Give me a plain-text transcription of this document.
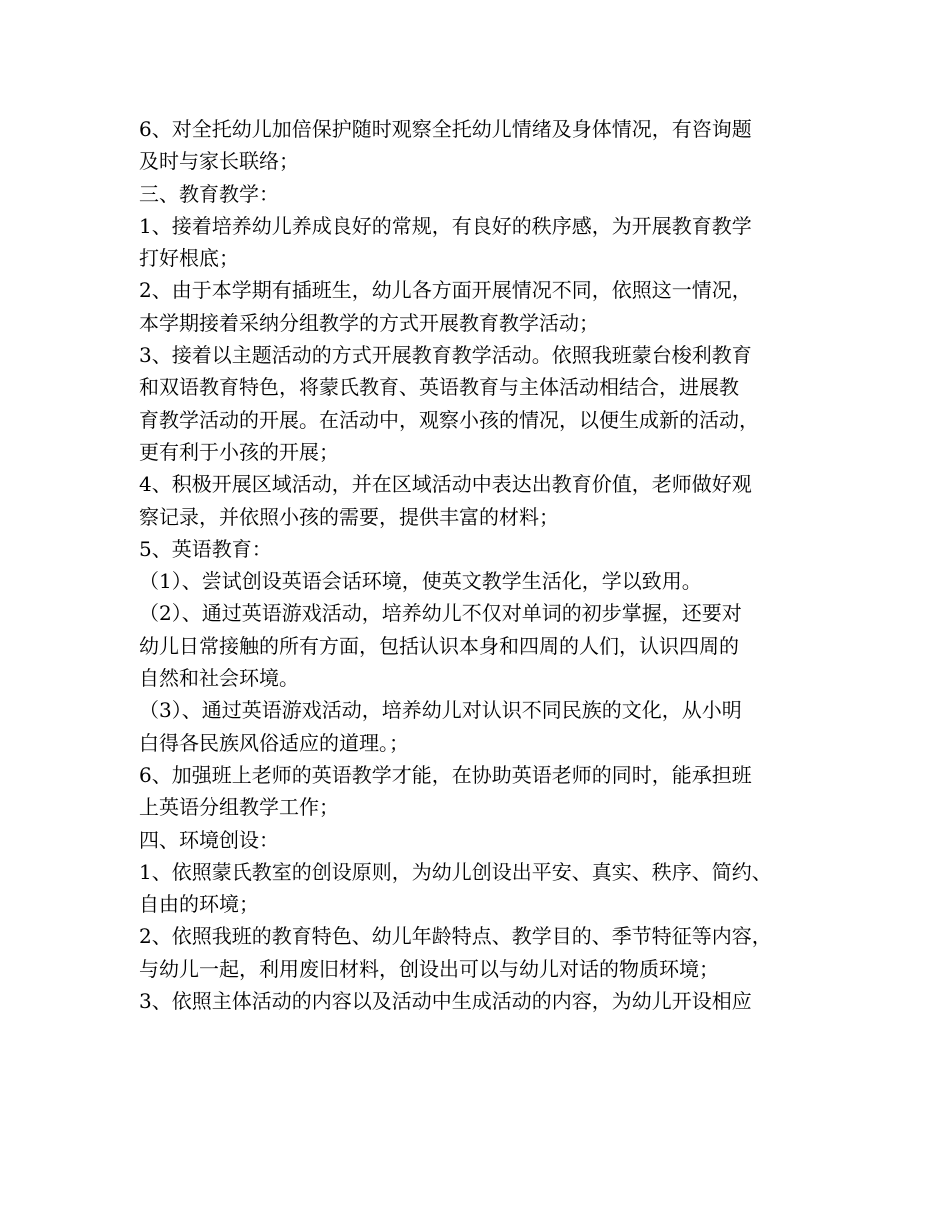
6、对全托幼儿加倍保护随时观察全托幼儿情绪及身体情况，有咨询题
及时与家长联络；
三、教育教学：
1、接着培养幼儿养成良好的常规，有良好的秩序感，为开展教育教学
打好根底；
2、由于本学期有插班生，幼儿各方面开展情况不同，依照这一情况，
本学期接着采纳分组教学的方式开展教育教学活动；
3、接着以主题活动的方式开展教育教学活动。依照我班蒙台梭利教育
和双语教育特色，将蒙氏教育、英语教育与主体活动相结合，进展教
育教学活动的开展。在活动中，观察小孩的情况，以便生成新的活动，
更有利于小孩的开展；
4、积极开展区域活动，并在区域活动中表达出教育价值，老师做好观
察记录，并依照小孩的需要，提供丰富的材料；
5、英语教育：
（1）、尝试创设英语会话环境，使英文教学生活化，学以致用。
（2）、通过英语游戏活动，培养幼儿不仅对单词的初步掌握，还要对
幼儿日常接触的所有方面，包括认识本身和四周的人们，认识四周的
自然和社会环境。
（3）、通过英语游戏活动，培养幼儿对认识不同民族的文化，从小明
白得各民族风俗适应的道理。；
6、加强班上老师的英语教学才能，在协助英语老师的同时，能承担班
上英语分组教学工作；
四、环境创设：
1、依照蒙氏教室的创设原则，为幼儿创设出平安、真实、秩序、简约、
自由的环境；
2、依照我班的教育特色、幼儿年龄特点、教学目的、季节特征等内容，
与幼儿一起，利用废旧材料，创设出可以与幼儿对话的物质环境；
3、依照主体活动的内容以及活动中生成活动的内容，为幼儿开设相应
